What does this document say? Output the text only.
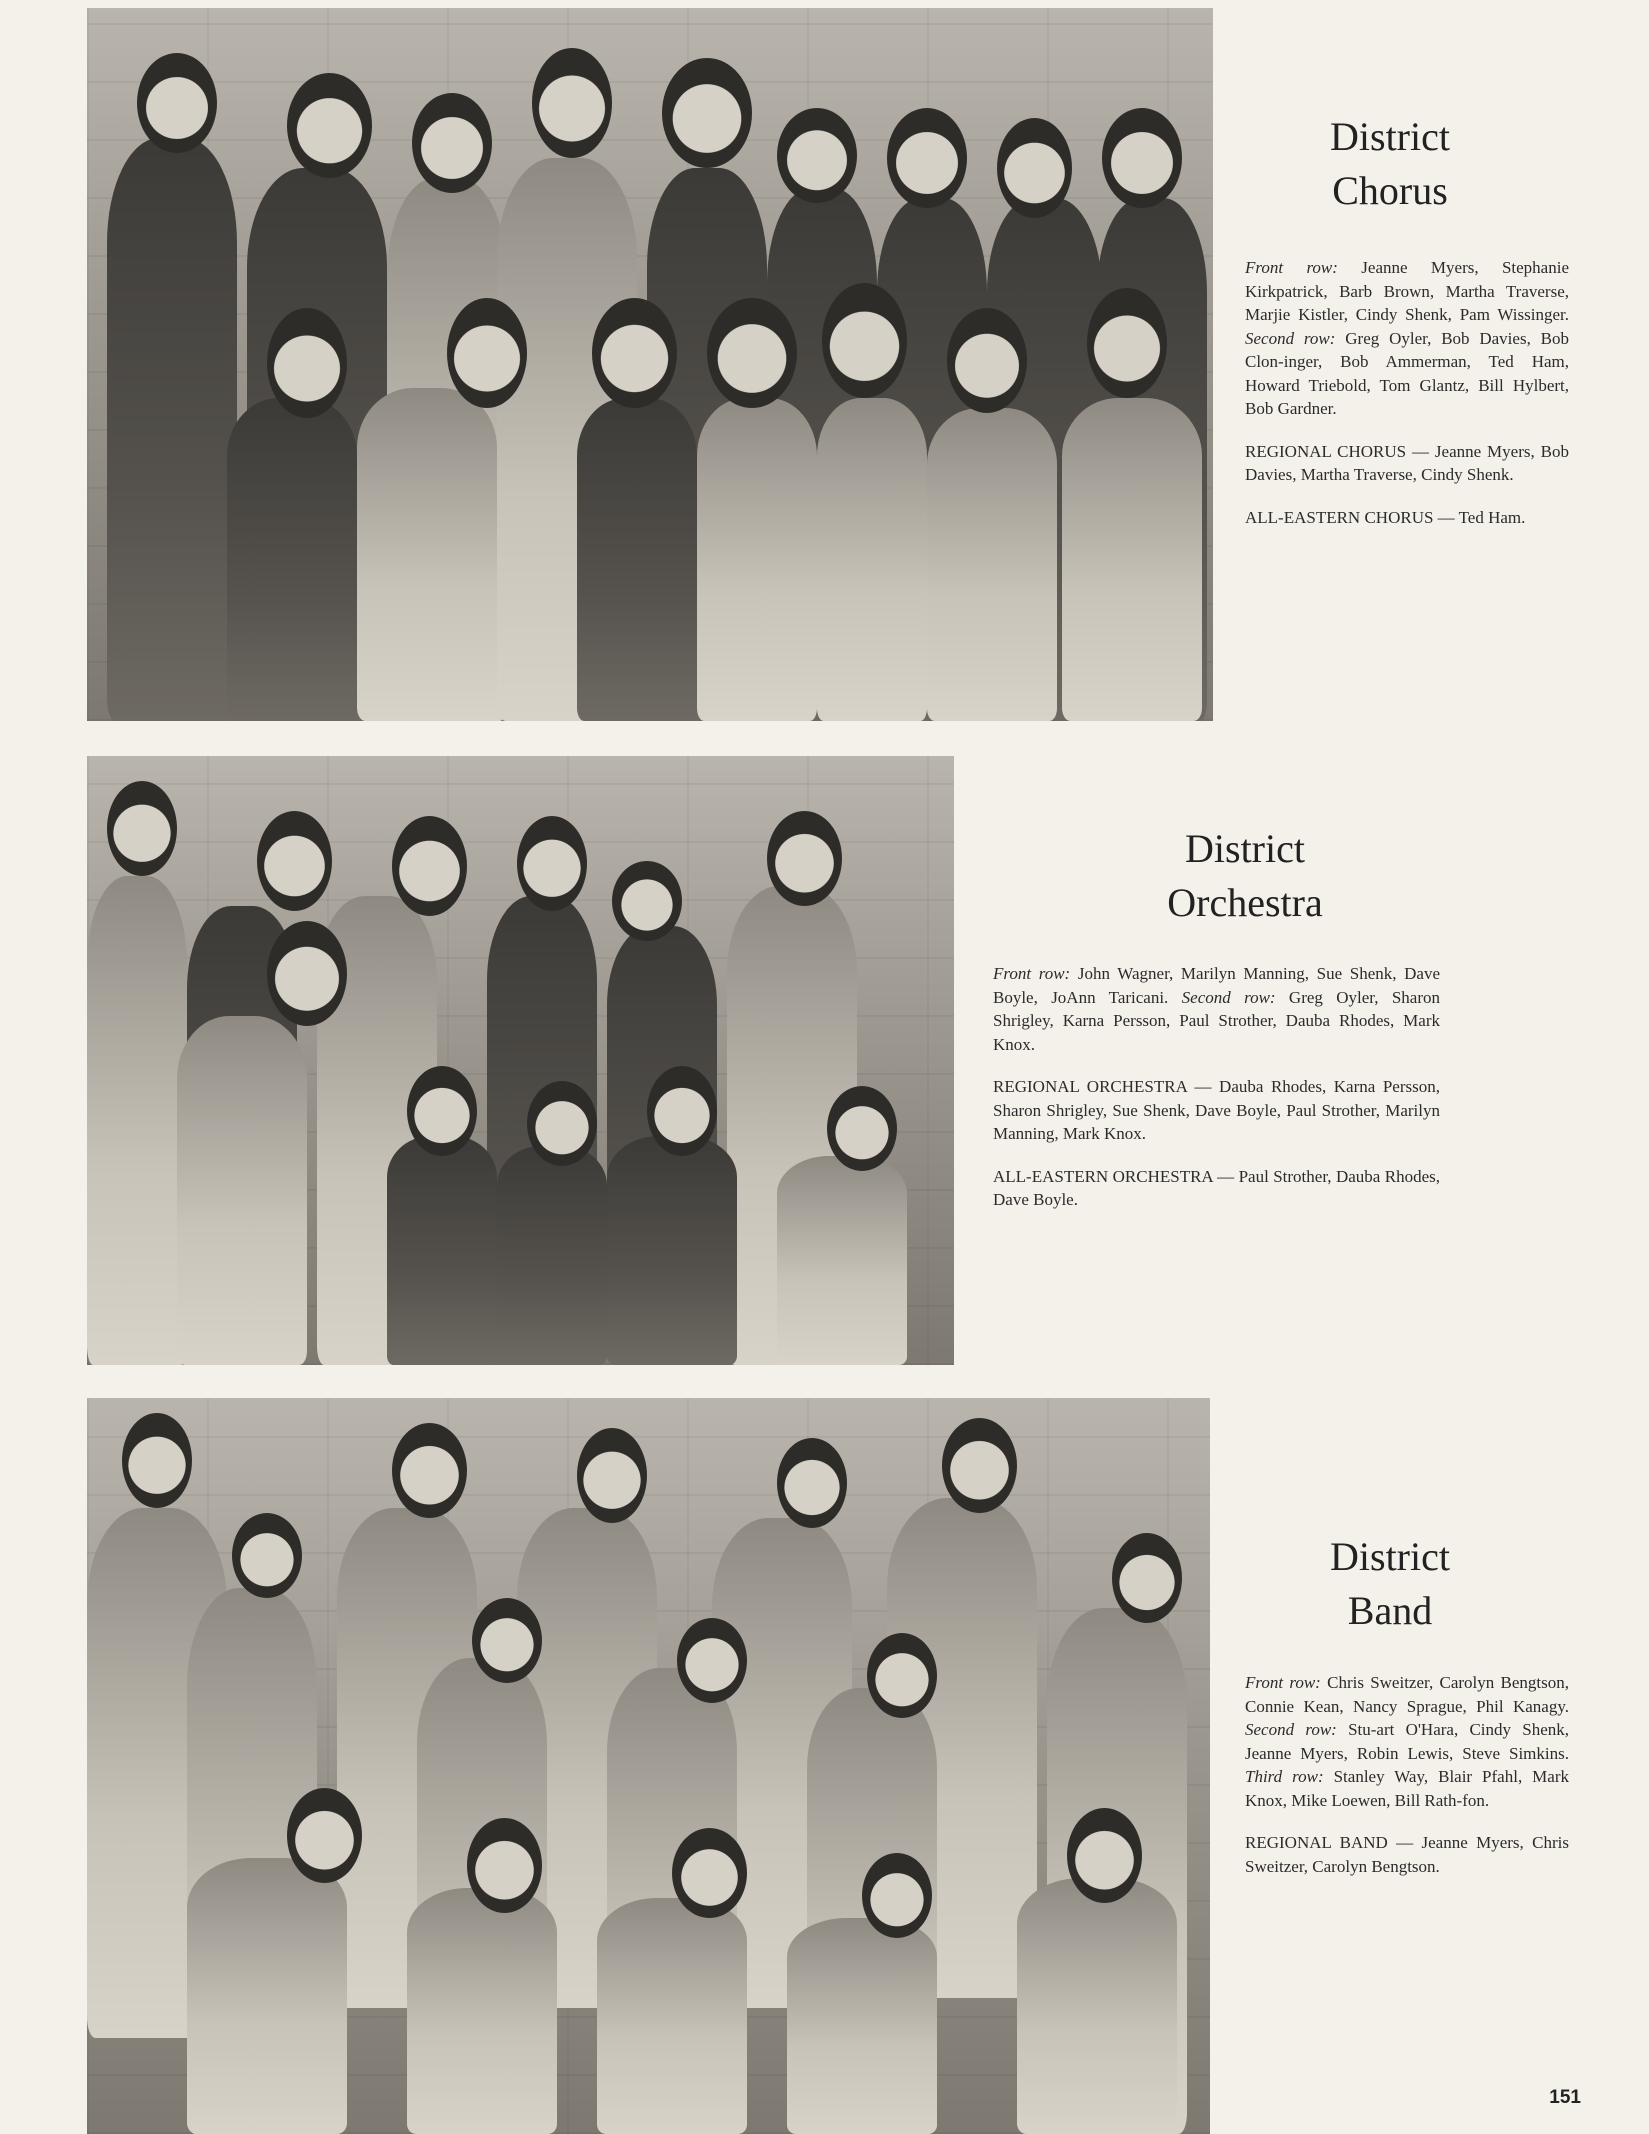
District
Chorus

Front row: Jeanne Myers, Stephanie Kirkpatrick, Barb Brown, Martha Traverse, Marjie Kistler, Cindy Shenk, Pam Wissinger. Second row: Greg Oyler, Bob Davies, Bob Clon-inger, Bob Ammerman, Ted Ham, Howard Triebold, Tom Glantz, Bill Hylbert, Bob Gardner.

REGIONAL CHORUS — Jeanne Myers, Bob Davies, Martha Traverse, Cindy Shenk.

ALL-EASTERN CHORUS — Ted Ham.

District
Orchestra

Front row: John Wagner, Marilyn Manning, Sue Shenk, Dave Boyle, JoAnn Taricani. Second row: Greg Oyler, Sharon Shrigley, Karna Persson, Paul Strother, Dauba Rhodes, Mark Knox.

REGIONAL ORCHESTRA — Dauba Rhodes, Karna Persson, Sharon Shrigley, Sue Shenk, Dave Boyle, Paul Strother, Marilyn Manning, Mark Knox.

ALL-EASTERN ORCHESTRA — Paul Strother, Dauba Rhodes, Dave Boyle.

District
Band

Front row: Chris Sweitzer, Carolyn Bengtson, Connie Kean, Nancy Sprague, Phil Kanagy. Second row: Stu-art O'Hara, Cindy Shenk, Jeanne Myers, Robin Lewis, Steve Simkins. Third row: Stanley Way, Blair Pfahl, Mark Knox, Mike Loewen, Bill Rath-fon.

REGIONAL BAND — Jeanne Myers, Chris Sweitzer, Carolyn Bengtson.

151
